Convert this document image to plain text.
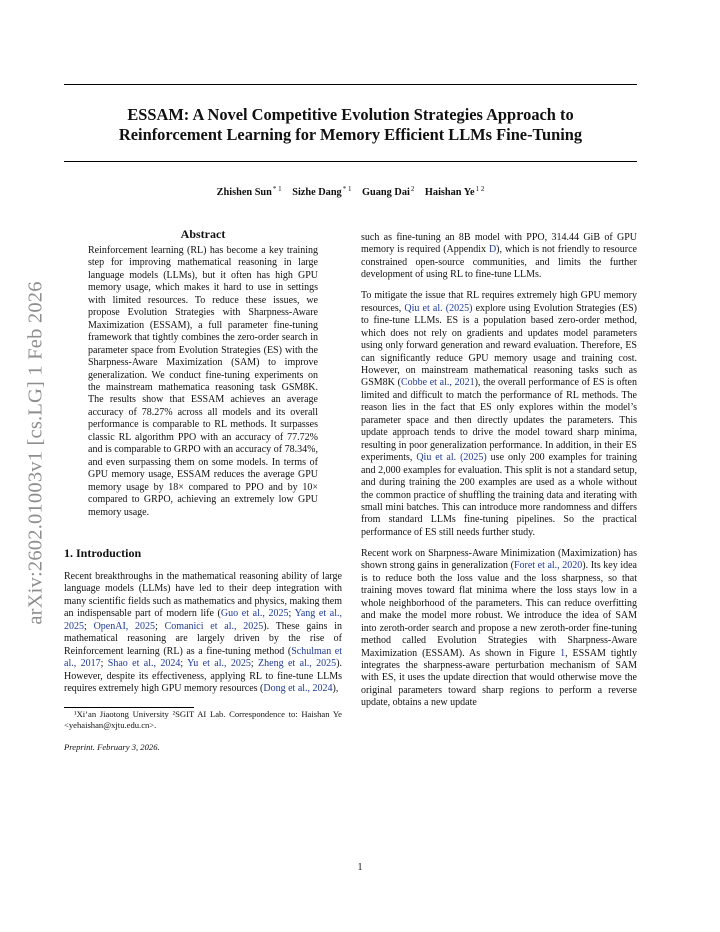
ESSAM: A Novel Competitive Evolution Strategies Approach to
Reinforcement Learning for Memory Efficient LLMs Fine-Tuning
Zhishen Sun$^{* 1}$ Sizhe Dang$^{* 1}$ Guang Dai$^2$ Haishan $Ye^{1 2}$
arXiv:2602.01003v1 [cs.LG] 1 Feb 2026
Abstract

Reinforcement learning (RL) has become a key training step for improving mathematical reasoning in large language models (LLMs), but it often has high GPU memory usage, which makes it hard to use in settings with limited resources. To reduce these issues, we propose Evolution Strategies with Sharpness-Aware Maximization (ESSAM), a full parameter fine-tuning framework that tightly combines the zero-order search in parameter space from Evolution Strategies (ES) with the Sharpness-Aware Maximization (SAM) to improve generalization. We conduct fine-tuning experiments on the mainstream mathematica reasoning task GSM8K. The results show that ESSAM achieves an average accuracy of 78.27% across all models and its overall performance is comparable to RL methods. It surpasses classic RL algorithm PPO with an accuracy of 77.72% and is comparable to GRPO with an accuracy of 78.34%, and even surpassing them on some models. In terms of GPU memory usage, ESSAM reduces the average GPU memory usage by 18× compared to PPO and by 10× compared to GRPO, achieving an extremely low GPU memory usage.

1. Introduction

Recent breakthroughs in the mathematical reasoning ability of large language models (LLMs) have led to their deep integration with many scientific fields such as mathematics and physics, making them an indispensable part of modern life (Guo et al., 2025; Yang et al., 2025; OpenAI, 2025; Comanici et al., 2025). These gains in mathematical reasoning are largely driven by the rise of Reinforcement learning (RL) as a fine-tuning method (Schulman et al., 2017; Shao et al., 2024; Yu et al., 2025; Zheng et al., 2025). However, despite its effectiveness, applying RL to fine-tune LLMs requires extremely high GPU memory resources (Dong et al., 2024),

¹Xi’an Jiaotong University ²SGIT AI Lab. Correspondence to: Haishan Ye <yehaishan@xjtu.edu.cn>.

Preprint. February 3, 2026.

such as fine-tuning an 8B model with PPO, 314.44 GiB of GPU memory is required (Appendix D), which is not friendly to resource constrained open-source communities, and limits the further development of using RL to fine-tune LLMs.

To mitigate the issue that RL requires extremely high GPU memory resources, Qiu et al. (2025) explore using Evolution Strategies (ES) to fine-tune LLMs. ES is a population based zero-order method, which does not rely on gradients and updates model parameters using only forward generation and reward evaluation. Therefore, ES can significantly reduce GPU memory usage and training cost. However, on mainstream mathematical reasoning tasks such as GSM8K (Cobbe et al., 2021), the overall performance of ES is often limited and difficult to match the performance of RL methods. The reason lies in the fact that ES only explores within the model’s parameter space and then directly updates the parameters. This update approach tends to drive the model toward sharp minima, resulting in poor generalization performance. In addition, in their ES experiments, Qiu et al. (2025) use only 200 examples for training and 2,000 examples for evaluation. This split is not a standard setup, and during training the 200 examples are used as a whole without the common practice of shuffling the training data and iterating with small mini batches. This can introduce more randomness and differs from standard LLMs fine-tuning pipelines. So the practical performance of ES still needs further study.

Recent work on Sharpness-Aware Minimization (Maximization) has shown strong gains in generalization (Foret et al., 2020). Its key idea is to reduce both the loss value and the loss sharpness, so that training moves toward flat minima where the loss stays low in a whole neighborhood of the parameters. This can reduce overfitting and make the model more robust. We introduce the idea of SAM into zeroth-order search and propose a new zeroth-order fine-tuning method called Evolution Strategies with Sharpness-Aware Maximization (ESSAM). As shown in Figure 1, ESSAM tightly integrates the sharpness-aware perturbation mechanism of SAM with ES, it uses the update direction that would otherwise move the original parameters toward sharp regions to perform a reverse update, obtains a new update

1
